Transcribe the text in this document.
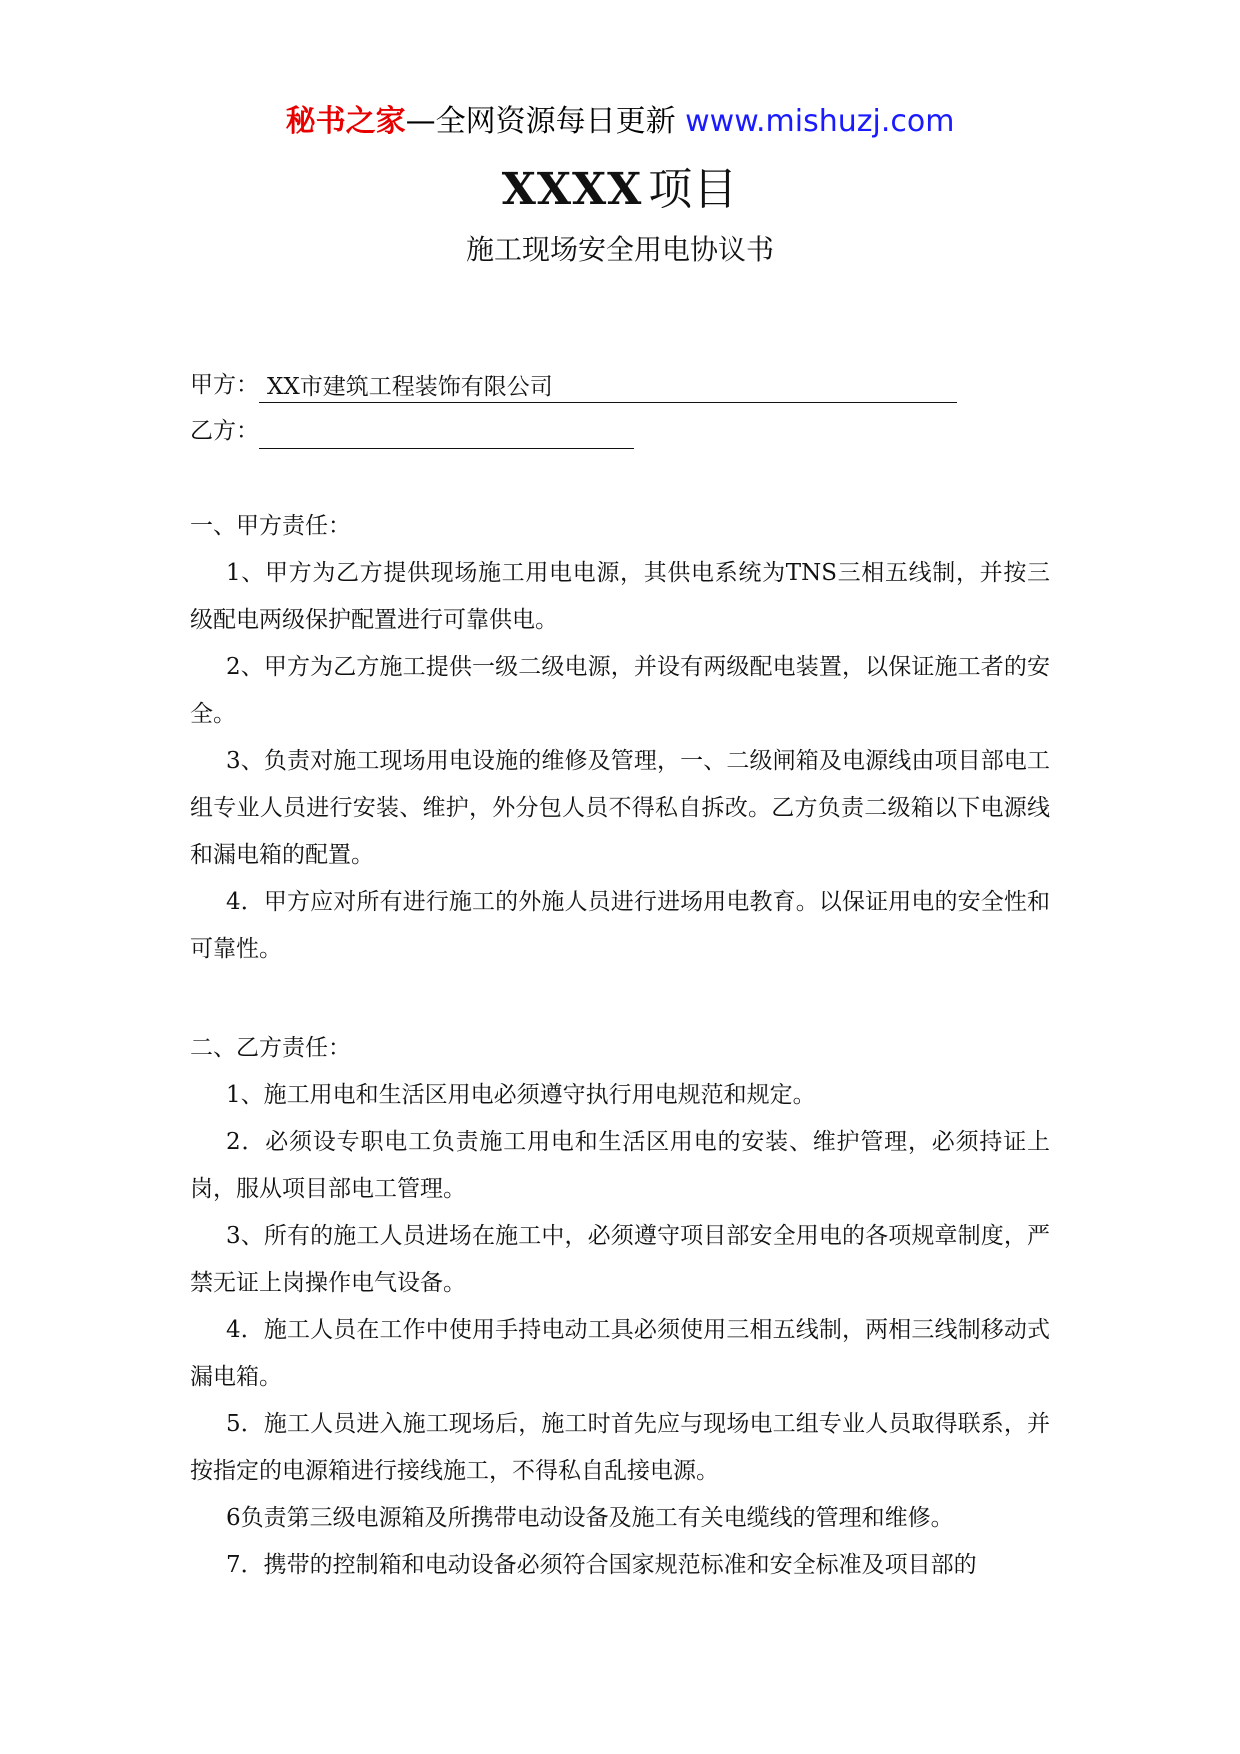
秘书之家—全网资源每日更新 www.mishuzj.com
XXXX 项目
施工现场安全用电协议书
甲方： XX市建筑工程装饰有限公司
乙方：
一、甲方责任：

1、甲方为乙方提供现场施工用电电源，其供电系统为TNS三相五线制，并按三级配电两级保护配置进行可靠供电。

2、甲方为乙方施工提供一级二级电源，并设有两级配电装置，以保证施工者的安全。

3、负责对施工现场用电设施的维修及管理，一、二级闸箱及电源线由项目部电工组专业人员进行安装、维护，外分包人员不得私自拆改。乙方负责二级箱以下电源线和漏电箱的配置。

4．甲方应对所有进行施工的外施人员进行进场用电教育。以保证用电的安全性和可靠性。

二、乙方责任：

1、施工用电和生活区用电必须遵守执行用电规范和规定。

2．必须设专职电工负责施工用电和生活区用电的安装、维护管理，必须持证上岗，服从项目部电工管理。

3、所有的施工人员进场在施工中，必须遵守项目部安全用电的各项规章制度，严禁无证上岗操作电气设备。

4．施工人员在工作中使用手持电动工具必须使用三相五线制，两相三线制移动式漏电箱。

5．施工人员进入施工现场后，施工时首先应与现场电工组专业人员取得联系，并按指定的电源箱进行接线施工，不得私自乱接电源。

6负责第三级电源箱及所携带电动设备及施工有关电缆线的管理和维修。

7．携带的控制箱和电动设备必须符合国家规范标准和安全标准及项目部的
